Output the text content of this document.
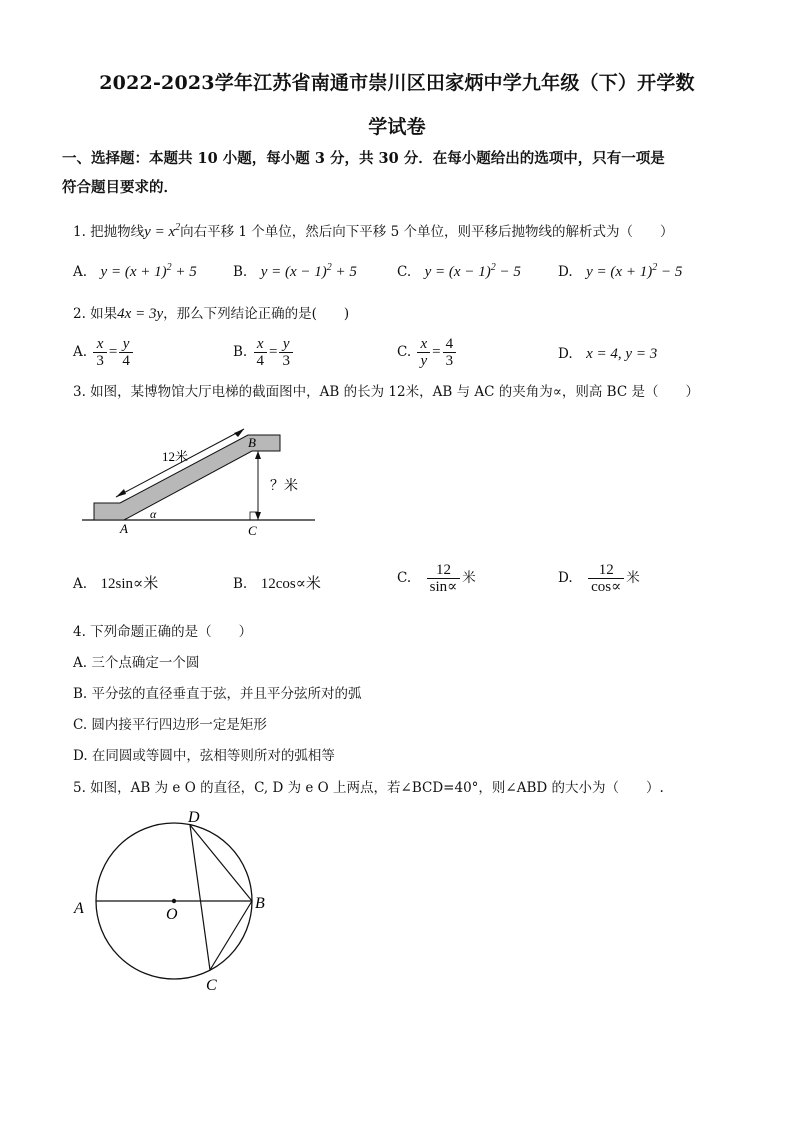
2022-2023学年江苏省南通市崇川区田家炳中学九年级（下）开学数
学试卷
一、选择题：本题共 10 小题，每小题 3 分，共 30 分．在每小题给出的选项中，只有一项是
符合题目要求的．
1. 把抛物线$y = x^2$向右平移 1 个单位，然后向下平移 5 个单位，则平移后抛物线的解析式为（　　）
A.　 $y = (x + 1)^2 + 5$	B.　 $y = (x - 1)^2 + 5$	C.　 $y = (x - 1)^2 - 5$	D.　 $y = (x + 1)^2 - 5$
2. 如果4x = 3y，那么下列结论正确的是(　　)
A. $\frac{x}{3} = \frac{y}{4}$	B. $\frac{x}{4} = \frac{y}{3}$	C. $\frac{x}{y} = \frac{4}{3}$	D.　 x = 4, y = 3
3. 如图，某博物馆大厅电梯的截面图中，AB 的长为 12米，AB 与 AC 的夹角为∝，则高 BC 是（　　）
12米
？米
A
B
C
α
A.　 12sin∝米	B.　 12cos∝米	C.　 $\frac{12}{\sin\propto}$ 米	D.　 $\frac{12}{\cos\propto}$ 米
4. 下列命题正确的是（　　）
A. 三个点确定一个圆
B. 平分弦的直径垂直于弦，并且平分弦所对的弧
C. 圆内接平行四边形一定是矩形
D. 在同圆或等圆中，弦相等则所对的弧相等
5. 如图，AB 为 e O 的直径，C, D 为 e O 上两点，若∠BCD=40°，则∠ABD 的大小为（　　）.
A	B
C
D
O
